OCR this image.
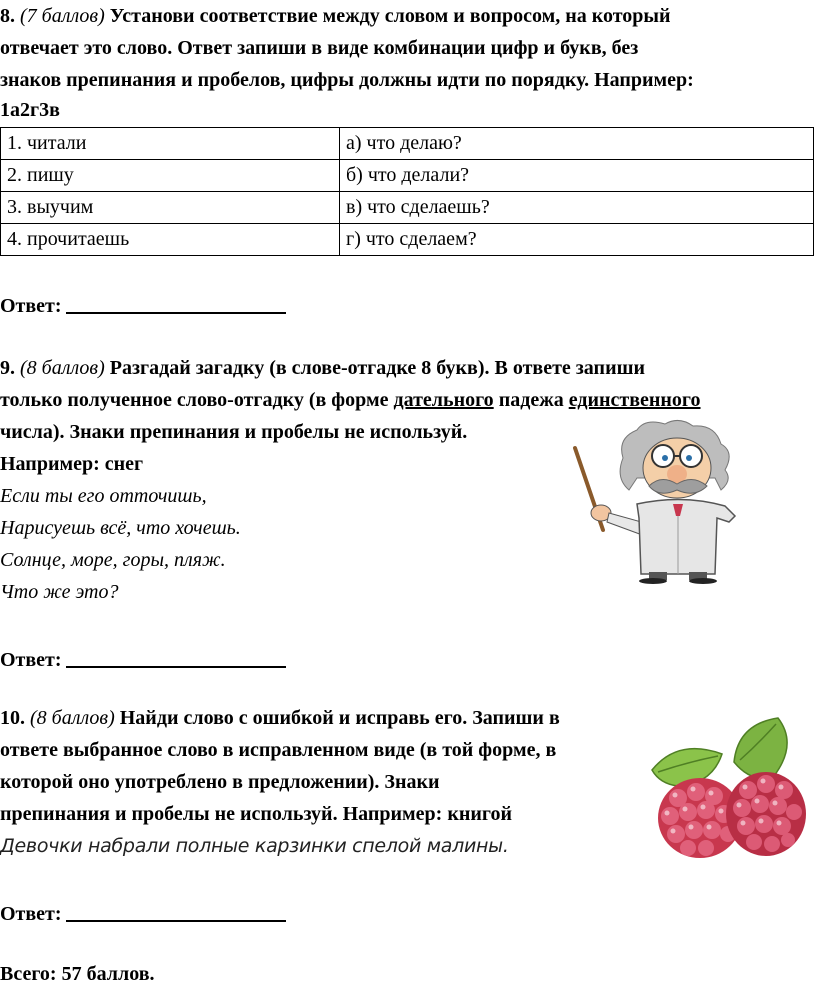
8. (7 баллов) Установи соответствие между словом и вопросом, на который
отвечает это слово. Ответ запиши в виде комбинации цифр и букв, без
знаков препинания и пробелов, цифры должны идти по порядку. Например:
1а2г3в
1. читали	а) что делаю?
2. пишу	б) что делали?
3. выучим	в) что сделаешь?
4. прочитаешь	г) что сделаем?
Ответ:
9. (8 баллов) Разгадай загадку (в слове-отгадке 8 букв). В ответе запиши
только полученное слово-отгадку (в форме дательного падежа единственного
числа). Знаки препинания и пробелы не используй.
Например: снег
Если ты его отточишь,
Нарисуешь всё, что хочешь.
Солнце, море, горы, пляж.
Что же это?
Ответ:
10. (8 баллов) Найди слово с ошибкой и исправь его. Запиши в
ответе выбранное слово в исправленном виде (в той форме, в
которой оно употреблено в предложении). Знаки
препинания и пробелы не используй. Например: книгой
Девочки набрали полные карзинки спелой малины.
Ответ:
Всего: 57 баллов.
